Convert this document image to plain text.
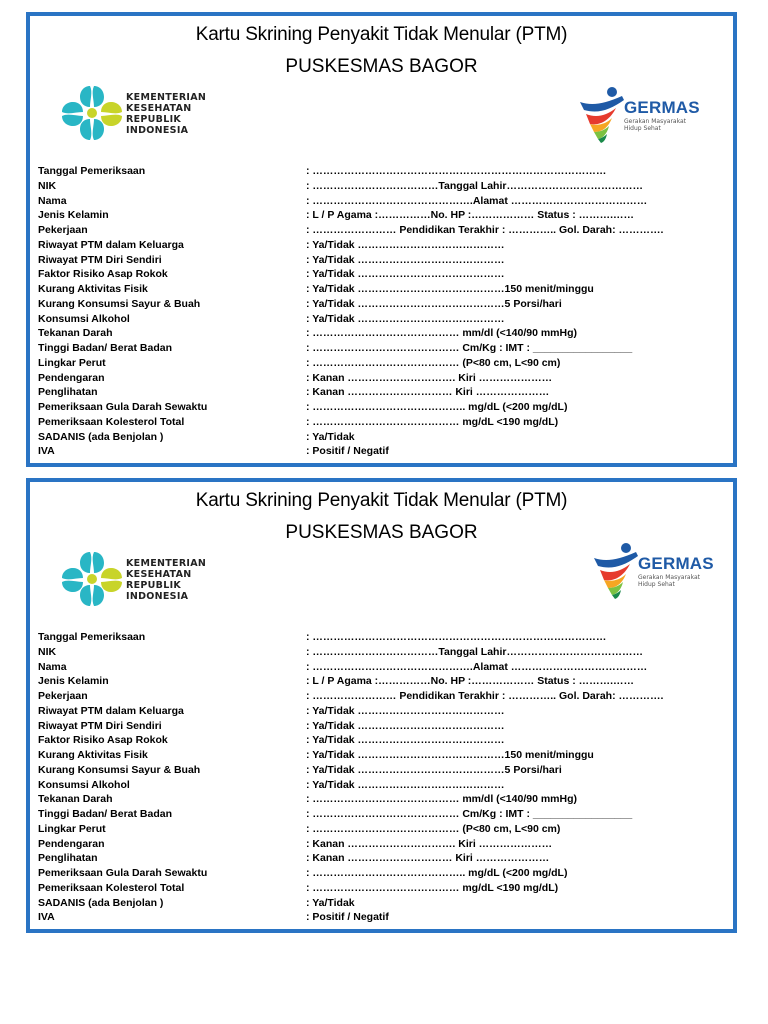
Kartu Skrining Penyakit Tidak Menular (PTM)
PUSKESMAS BAGOR
KEMENTERIAN
KESEHATAN
REPUBLIK
INDONESIA
GERMAS
Gerakan Masyarakat
Hidup Sehat
Tanggal Pemeriksaan	: …………………………………………………………………………
NIK	: ………………………………Tanggal Lahir…………………………………
Nama	: ……………………………………….Alamat …………………………………
Jenis Kelamin	: L / P Agama :……………No. HP :……………… Status : ……….……
Pekerjaan	: …………………… Pendidikan Terakhir : ………….. Gol. Darah: ………….
Riwayat PTM dalam Keluarga	: Ya/Tidak ……………………………………
Riwayat PTM Diri Sendiri	: Ya/Tidak ……………………………………
Faktor Risiko Asap Rokok	: Ya/Tidak ……………………………………
Kurang Aktivitas Fisik	: Ya/Tidak ……………………………………150 menit/minggu
Kurang Konsumsi Sayur & Buah	: Ya/Tidak ……………………………………5 Porsi/hari
Konsumsi Alkohol	: Ya/Tidak ……………………………………
Tekanan Darah	: …………………………………… mm/dl (<140/90 mmHg)
Tinggi Badan/ Berat Badan	: …………………………………… Cm/Kg : IMT : _________________
Lingkar Perut	: …………………………………… (P<80 cm, L<90 cm)
Pendengaran	: Kanan …………………………. Kiri …………………
Penglihatan	: Kanan ………………………… Kiri …………………
Pemeriksaan Gula Darah Sewaktu	: …………………………………….. mg/dL (<200 mg/dL)
Pemeriksaan Kolesterol Total	: …………………………………… mg/dL <190 mg/dL)
SADANIS (ada Benjolan )	: Ya/Tidak
IVA	: Positif / Negatif
Kartu Skrining Penyakit Tidak Menular (PTM)
PUSKESMAS BAGOR
KEMENTERIAN
KESEHATAN
REPUBLIK
INDONESIA
GERMAS
Gerakan Masyarakat
Hidup Sehat
Tanggal Pemeriksaan	: …………………………………………………………………………
NIK	: ………………………………Tanggal Lahir…………………………………
Nama	: ……………………………………….Alamat …………………………………
Jenis Kelamin	: L / P Agama :……………No. HP :……………… Status : ……….……
Pekerjaan	: …………………… Pendidikan Terakhir : ………….. Gol. Darah: ………….
Riwayat PTM dalam Keluarga	: Ya/Tidak ……………………………………
Riwayat PTM Diri Sendiri	: Ya/Tidak ……………………………………
Faktor Risiko Asap Rokok	: Ya/Tidak ……………………………………
Kurang Aktivitas Fisik	: Ya/Tidak ……………………………………150 menit/minggu
Kurang Konsumsi Sayur & Buah	: Ya/Tidak ……………………………………5 Porsi/hari
Konsumsi Alkohol	: Ya/Tidak ……………………………………
Tekanan Darah	: …………………………………… mm/dl (<140/90 mmHg)
Tinggi Badan/ Berat Badan	: …………………………………… Cm/Kg : IMT : _________________
Lingkar Perut	: …………………………………… (P<80 cm, L<90 cm)
Pendengaran	: Kanan …………………………. Kiri …………………
Penglihatan	: Kanan ………………………… Kiri …………………
Pemeriksaan Gula Darah Sewaktu	: …………………………………….. mg/dL (<200 mg/dL)
Pemeriksaan Kolesterol Total	: …………………………………… mg/dL <190 mg/dL)
SADANIS (ada Benjolan )	: Ya/Tidak
IVA	: Positif / Negatif
